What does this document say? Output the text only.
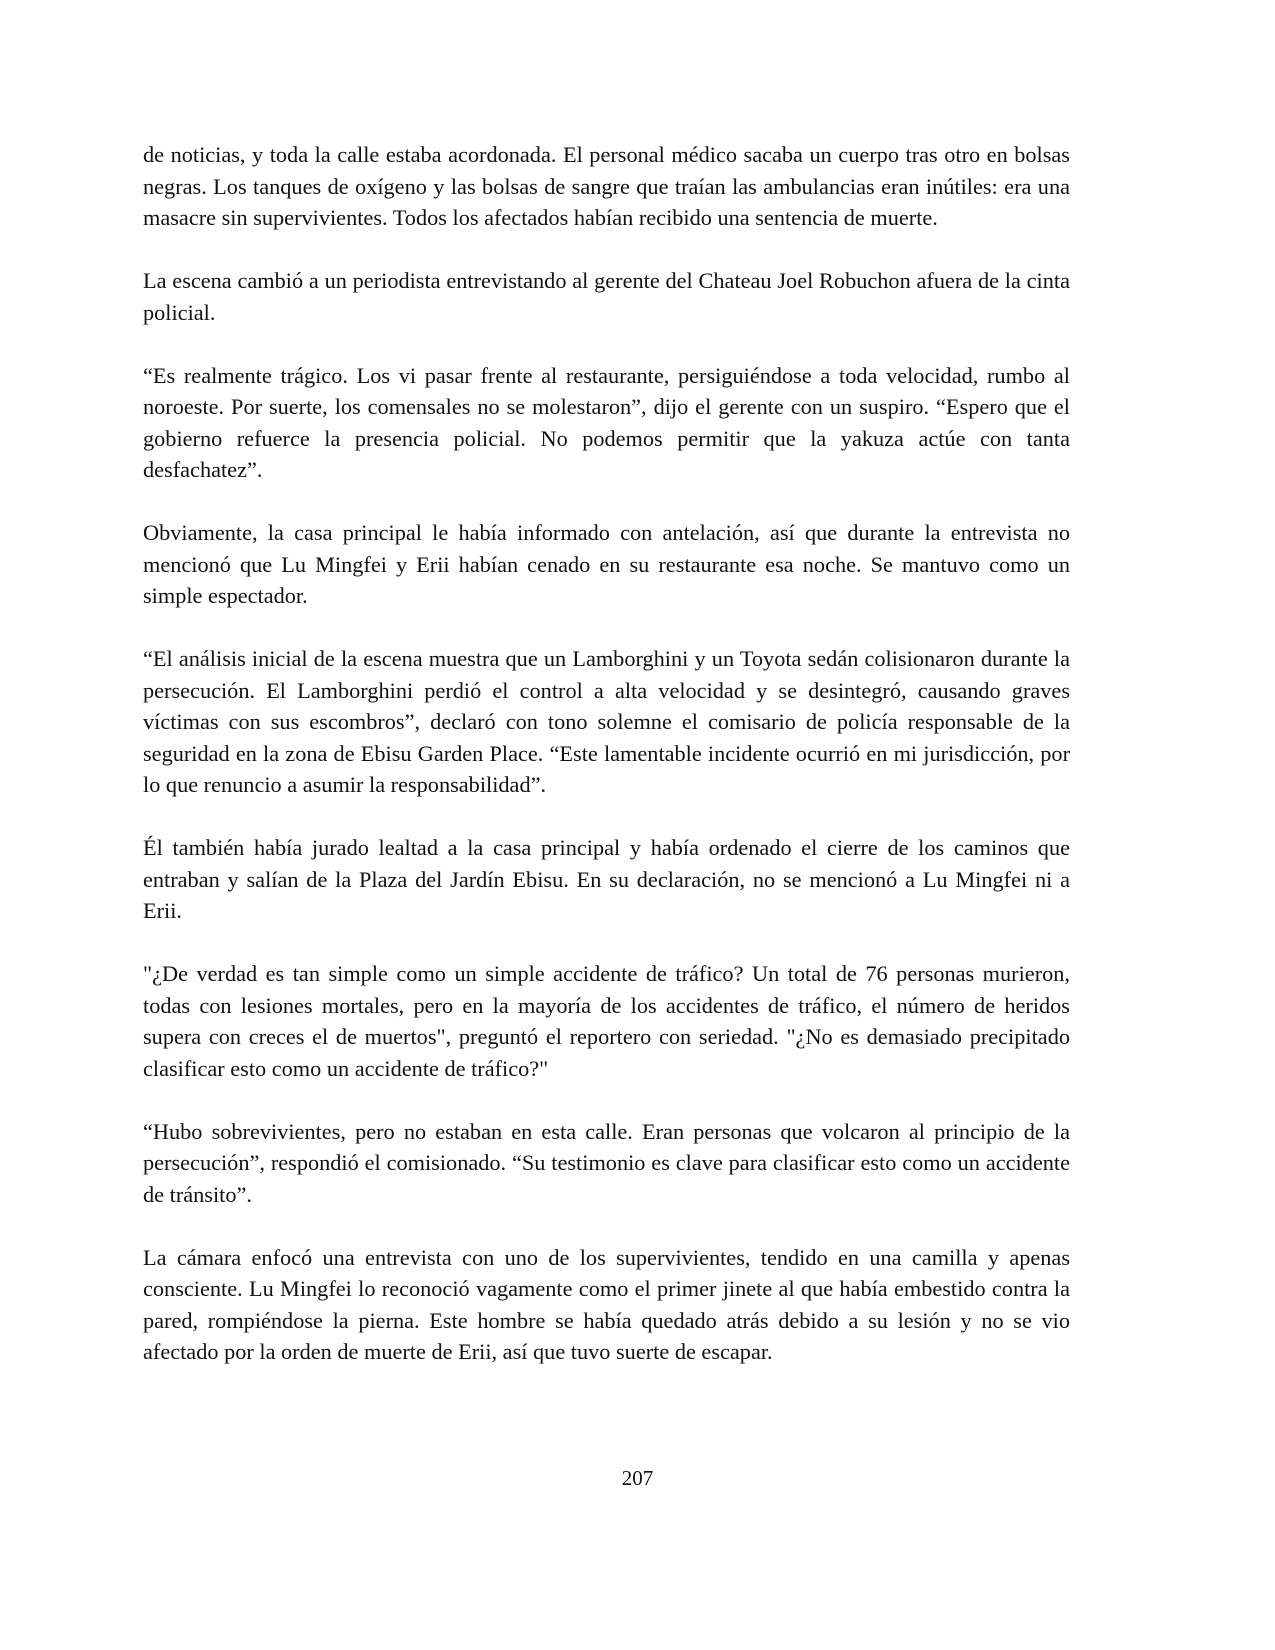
de noticias, y toda la calle estaba acordonada. El personal médico sacaba un cuerpo tras otro en bolsas negras. Los tanques de oxígeno y las bolsas de sangre que traían las ambulancias eran inútiles: era una masacre sin supervivientes. Todos los afectados habían recibido una sentencia de muerte.

La escena cambió a un periodista entrevistando al gerente del Chateau Joel Robuchon afuera de la cinta policial.

“Es realmente trágico. Los vi pasar frente al restaurante, persiguiéndose a toda velocidad, rumbo al noroeste. Por suerte, los comensales no se molestaron”, dijo el gerente con un suspiro. “Espero que el gobierno refuerce la presencia policial. No podemos permitir que la yakuza actúe con tanta desfachatez”.

Obviamente, la casa principal le había informado con antelación, así que durante la entrevista no mencionó que Lu Mingfei y Erii habían cenado en su restaurante esa noche. Se mantuvo como un simple espectador.

“El análisis inicial de la escena muestra que un Lamborghini y un Toyota sedán colisionaron durante la persecución. El Lamborghini perdió el control a alta velocidad y se desintegró, causando graves víctimas con sus escombros”, declaró con tono solemne el comisario de policía responsable de la seguridad en la zona de Ebisu Garden Place. “Este lamentable incidente ocurrió en mi jurisdicción, por lo que renuncio a asumir la responsabilidad”.

Él también había jurado lealtad a la casa principal y había ordenado el cierre de los caminos que entraban y salían de la Plaza del Jardín Ebisu. En su declaración, no se mencionó a Lu Mingfei ni a Erii.

"¿De verdad es tan simple como un simple accidente de tráfico? Un total de 76 personas murieron, todas con lesiones mortales, pero en la mayoría de los accidentes de tráfico, el número de heridos supera con creces el de muertos", preguntó el reportero con seriedad. "¿No es demasiado precipitado clasificar esto como un accidente de tráfico?"

“Hubo sobrevivientes, pero no estaban en esta calle. Eran personas que volcaron al principio de la persecución”, respondió el comisionado. “Su testimonio es clave para clasificar esto como un accidente de tránsito”.

La cámara enfocó una entrevista con uno de los supervivientes, tendido en una camilla y apenas consciente. Lu Mingfei lo reconoció vagamente como el primer jinete al que había embestido contra la pared, rompiéndose la pierna. Este hombre se había quedado atrás debido a su lesión y no se vio afectado por la orden de muerte de Erii, así que tuvo suerte de escapar.

207
